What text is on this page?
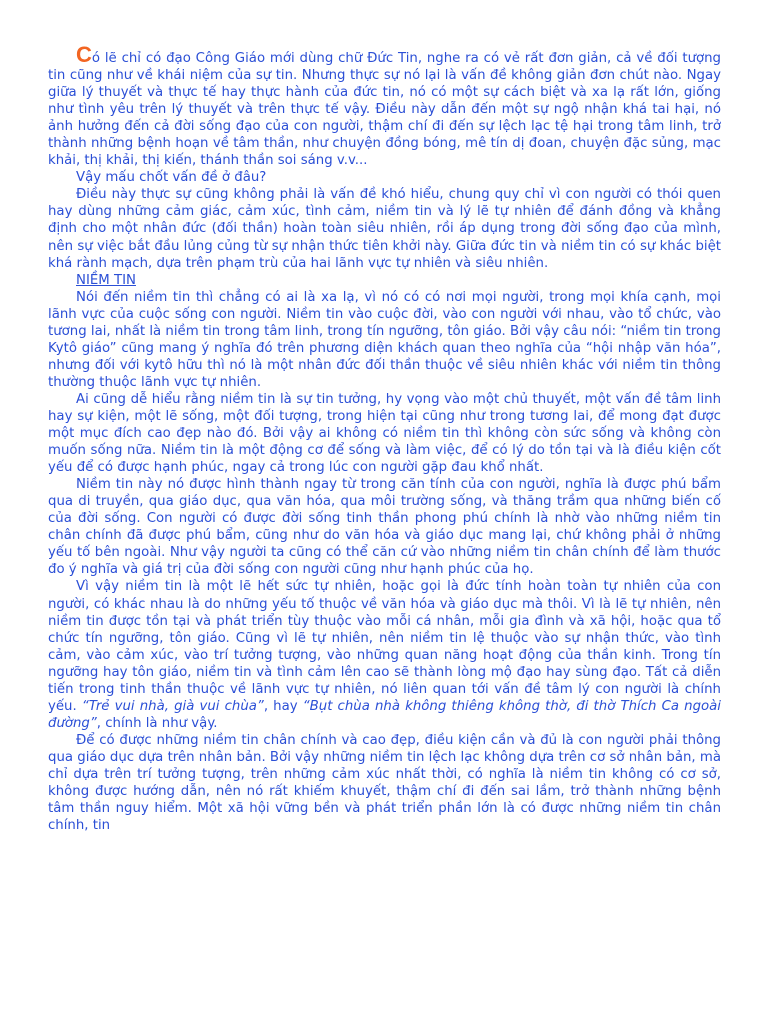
Có lẽ chỉ có đạo Công Giáo mới dùng chữ Đức Tin, nghe ra có vẻ rất đơn giản, cả về đối tượng tin cũng như về khái niệm của sự tin. Nhưng thực sự nó lại là vấn đề không giản đơn chút nào. Ngay giữa lý thuyết và thực tế hay thực hành của đức tin, nó có một sự cách biệt và xa lạ rất lớn, giống như tình yêu trên lý thuyết và trên thực tế vậy. Điều này dẫn đến một sự ngộ nhận khá tai hại, nó ảnh hưởng đến cả đời sống đạo của con người, thậm chí đi đến sự lệch lạc tệ hại trong tâm linh, trở thành những bệnh hoạn về tâm thần, như chuyện đồng bóng, mê tín dị đoan, chuyện đặc sủng, mạc khải, thị khải, thị kiến, thánh thần soi sáng v.v...

Vậy mấu chốt vấn đề ở đâu?

Điều này thực sự cũng không phải là vấn đề khó hiểu, chung quy chỉ vì con người có thói quen hay dùng những cảm giác, cảm xúc, tình cảm, niềm tin và lý lẽ tự nhiên để đánh đồng và khẳng định cho một nhân đức (đối thần) hoàn toàn siêu nhiên, rồi áp dụng trong đời sống đạo của mình, nên sự việc bắt đầu lủng củng từ sự nhận thức tiên khởi này. Giữa đức tin và niềm tin có sự khác biệt khá rành mạch, dựa trên phạm trù của hai lãnh vực tự nhiên và siêu nhiên.

NIỀM TIN

Nói đến niềm tin thì chẳng có ai là xa lạ, vì nó có có nơi mọi người, trong mọi khía cạnh, mọi lãnh vực của cuộc sống con người. Niềm tin vào cuộc đời, vào con người với nhau, vào tổ chức, vào tương lai, nhất là niềm tin trong tâm linh, trong tín ngưỡng, tôn giáo. Bởi vậy câu nói: “niềm tin trong Kytô giáo” cũng mang ý nghĩa đó trên phương diện khách quan theo nghĩa của “hội nhập văn hóa”, nhưng đối với kytô hữu thì nó là một nhân đức đối thần thuộc về siêu nhiên khác với niềm tin thông thường thuộc lãnh vực tự nhiên.

Ai cũng dễ hiểu rằng niềm tin là sự tin tưởng, hy vọng vào một chủ thuyết, một vấn đề tâm linh hay sự kiện, một lẽ sống, một đối tượng, trong hiện tại cũng như trong tương lai, để mong đạt được một mục đích cao đẹp nào đó. Bởi vậy ai không có niềm tin thì không còn sức sống và không còn muốn sống nữa. Niềm tin là một động cơ để sống và làm việc, để có lý do tồn tại và là điều kiện cốt yếu để có được hạnh phúc, ngay cả trong lúc con người gặp đau khổ nhất.

Niềm tin này nó được hình thành ngay từ trong căn tính của con người, nghĩa là được phú bẩm qua di truyền, qua giáo dục, qua văn hóa, qua môi trường sống, và thăng trầm qua những biến cố của đời sống. Con người có được đời sống tinh thần phong phú chính là nhờ vào những niềm tin chân chính đã được phú bẩm, cũng như do văn hóa và giáo dục mang lại, chứ không phải ở những yếu tố bên ngoài. Như vậy người ta cũng có thể căn cứ vào những niềm tin chân chính để làm thước đo ý nghĩa và giá trị của đời sống con người cũng như hạnh phúc của họ.

Vì vậy niềm tin là một lẽ hết sức tự nhiên, hoặc gọi là đức tính hoàn toàn tự nhiên của con người, có khác nhau là do những yếu tố thuộc về văn hóa và giáo dục mà thôi. Vì là lẽ tự nhiên, nên niềm tin được tồn tại và phát triển tùy thuộc vào mỗi cá nhân, mỗi gia đình và xã hội, hoặc qua tổ chức tín ngưỡng, tôn giáo. Cũng vì lẽ tự nhiên, nên niềm tin lệ thuộc vào sự nhận thức, vào tình cảm, vào cảm xúc, vào trí tưởng tượng, vào những quan năng hoạt động của thần kinh. Trong tín ngưỡng hay tôn giáo, niềm tin và tình cảm lên cao sẽ thành lòng mộ đạo hay sùng đạo. Tất cả diễn tiến trong tinh thần thuộc về lãnh vực tự nhiên, nó liên quan tới vấn đề tâm lý con người là chính yếu. “Trẻ vui nhà, già vui chùa”, hay “Bụt chùa nhà không thiêng không thờ, đi thờ Thích Ca ngoài đường”, chính là như vậy.

Để có được những niềm tin chân chính và cao đẹp, điều kiện cần và đủ là con người phải thông qua giáo dục dựa trên nhân bản. Bởi vậy những niềm tin lệch lạc không dựa trên cơ sở nhân bản, mà chỉ dựa trên trí tưởng tượng, trên những cảm xúc nhất thời, có nghĩa là niềm tin không có cơ sở, không được hướng dẫn, nên nó rất khiếm khuyết, thậm chí đi đến sai lầm, trở thành những bệnh tâm thần nguy hiểm. Một xã hội vững bền và phát triển phần lớn là có được những niềm tin chân chính, tin
